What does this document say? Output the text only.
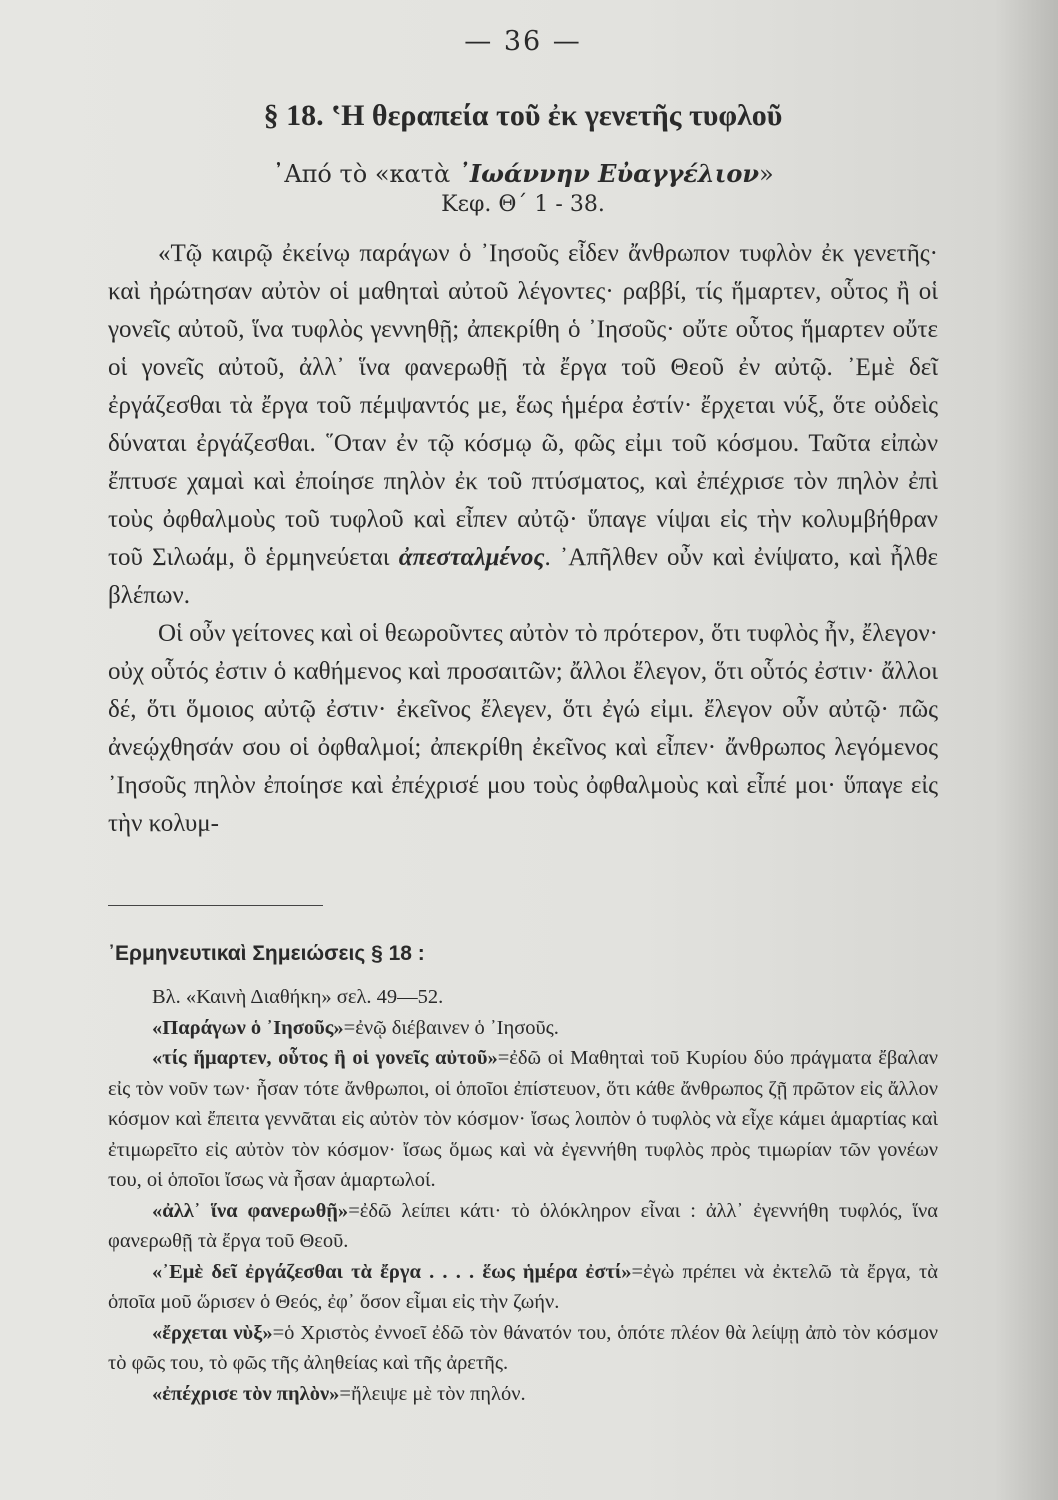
— 36 —
§ 18. ‛Η θεραπεία τοῦ ἐκ γενετῆς τυφλοῦ
᾽Από τὸ «κατὰ ᾽Ιωάννην Εὐαγγέλιον»
Κεφ. Θ΄ 1 - 38.

«Τῷ καιρῷ ἐκείνῳ παράγων ὁ ᾽Ιησοῦς εἶδεν ἄνθρωπον τυφλὸν ἐκ γενετῆς· καὶ ἠρώτησαν αὐτὸν οἱ μαθηταὶ αὐτοῦ λέγοντες· ραββί, τίς ἥμαρτεν, οὗτος ἢ οἱ γονεῖς αὐτοῦ, ἵνα τυφλὸς γεννηθῇ; ἀπεκρίθη ὁ ᾽Ιησοῦς· οὔτε οὗτος ἥμαρτεν οὔτε οἱ γονεῖς αὐτοῦ, ἀλλ᾽ ἵνα φανερωθῇ τὰ ἔργα τοῦ Θεοῦ ἐν αὐτῷ. ᾽Εμὲ δεῖ ἐργάζεσθαι τὰ ἔργα τοῦ πέμψαντός με, ἕως ἡμέρα ἐστίν· ἔρχεται νύξ, ὅτε οὐδεὶς δύναται ἐργάζεσθαι. ῞Οταν ἐν τῷ κόσμῳ ῶ, φῶς εἰμι τοῦ κόσμου. Ταῦτα εἰπὼν ἔπτυσε χαμαὶ καὶ ἐποίησε πηλὸν ἐκ τοῦ πτύσματος, καὶ ἐπέχρισε τὸν πηλὸν ἐπὶ τοὺς ὀφθαλμοὺς τοῦ τυφλοῦ καὶ εἶπεν αὐτῷ· ὕπαγε νίψαι εἰς τὴν κολυμβήθραν τοῦ Σιλωάμ, ὃ ἑρμηνεύεται ἀπεσταλμένος. ᾽Απῆλθεν οὖν καὶ ἐνίψατο, καὶ ἦλθε βλέπων.

Οἱ οὖν γείτονες καὶ οἱ θεωροῦντες αὐτὸν τὸ πρότερον, ὅτι τυφλὸς ἦν, ἔλεγον· οὐχ οὗτός ἐστιν ὁ καθήμενος καὶ προσαιτῶν; ἄλλοι ἔλεγον, ὅτι οὗτός ἐστιν· ἄλλοι δέ, ὅτι ὅμοιος αὐτῷ ἐστιν· ἐκεῖνος ἔλεγεν, ὅτι ἐγώ εἰμι. ἔλεγον οὖν αὐτῷ· πῶς ἀνεῴχθησάν σου οἱ ὀφθαλμοί; ἀπεκρίθη ἐκεῖνος καὶ εἶπεν· ἄνθρωπος λεγόμενος ᾽Ιησοῦς πηλὸν ἐποίησε καὶ ἐπέχρισέ μου τοὺς ὀφθαλμοὺς καὶ εἶπέ μοι· ὕπαγε εἰς τὴν κολυμ-

᾽Ερμηνευτικαὶ Σημειώσεις § 18 :

Βλ. «Καινὴ Διαθήκη» σελ. 49—52.

«Παράγων ὁ ᾽Ιησοῦς»=ἐνῷ διέβαινεν ὁ ᾽Ιησοῦς.

«τίς ἥμαρτεν, οὗτος ἢ οἱ γονεῖς αὐτοῦ»=ἐδῶ οἱ Μαθηταὶ τοῦ Κυρίου δύο πράγματα ἔβαλαν εἰς τὸν νοῦν των· ἦσαν τότε ἄνθρωποι, οἱ ὁποῖοι ἐπίστευον, ὅτι κάθε ἄνθρωπος ζῇ πρῶτον εἰς ἄλλον κόσμον καὶ ἔπειτα γεννᾶται εἰς αὐτὸν τὸν κόσμον· ἴσως λοιπὸν ὁ τυφλὸς νὰ εἶχε κάμει ἁμαρτίας καὶ ἐτιμωρεῖτο εἰς αὐτὸν τὸν κόσμον· ἴσως ὅμως καὶ νὰ ἐγεννήθη τυφλὸς πρὸς τιμωρίαν τῶν γονέων του, οἱ ὁποῖοι ἴσως νὰ ἦσαν ἁμαρτωλοί.

«ἀλλ᾽ ἵνα φανερωθῇ»=ἐδῶ λείπει κάτι· τὸ ὁλόκληρον εἶναι : ἀλλ᾽ ἐγεννήθη τυφλός, ἵνα φανερωθῇ τὰ ἔργα τοῦ Θεοῦ.

«᾽Εμὲ δεῖ ἐργάζεσθαι τὰ ἔργα . . . . ἕως ἡμέρα ἐστί»=ἐγὼ πρέπει νὰ ἐκτελῶ τὰ ἔργα, τὰ ὁποῖα μοῦ ὥρισεν ὁ Θεός, ἐφ᾽ ὅσον εἶμαι εἰς τὴν ζωήν.

«ἔρχεται νὺξ»=ὁ Χριστὸς ἐννοεῖ ἐδῶ τὸν θάνατόν του, ὁπότε πλέον θὰ λείψῃ ἀπὸ τὸν κόσμον τὸ φῶς του, τὸ φῶς τῆς ἀληθείας καὶ τῆς ἀρετῆς.

«ἐπέχρισε τὸν πηλὸν»=ἤλειψε μὲ τὸν πηλόν.
